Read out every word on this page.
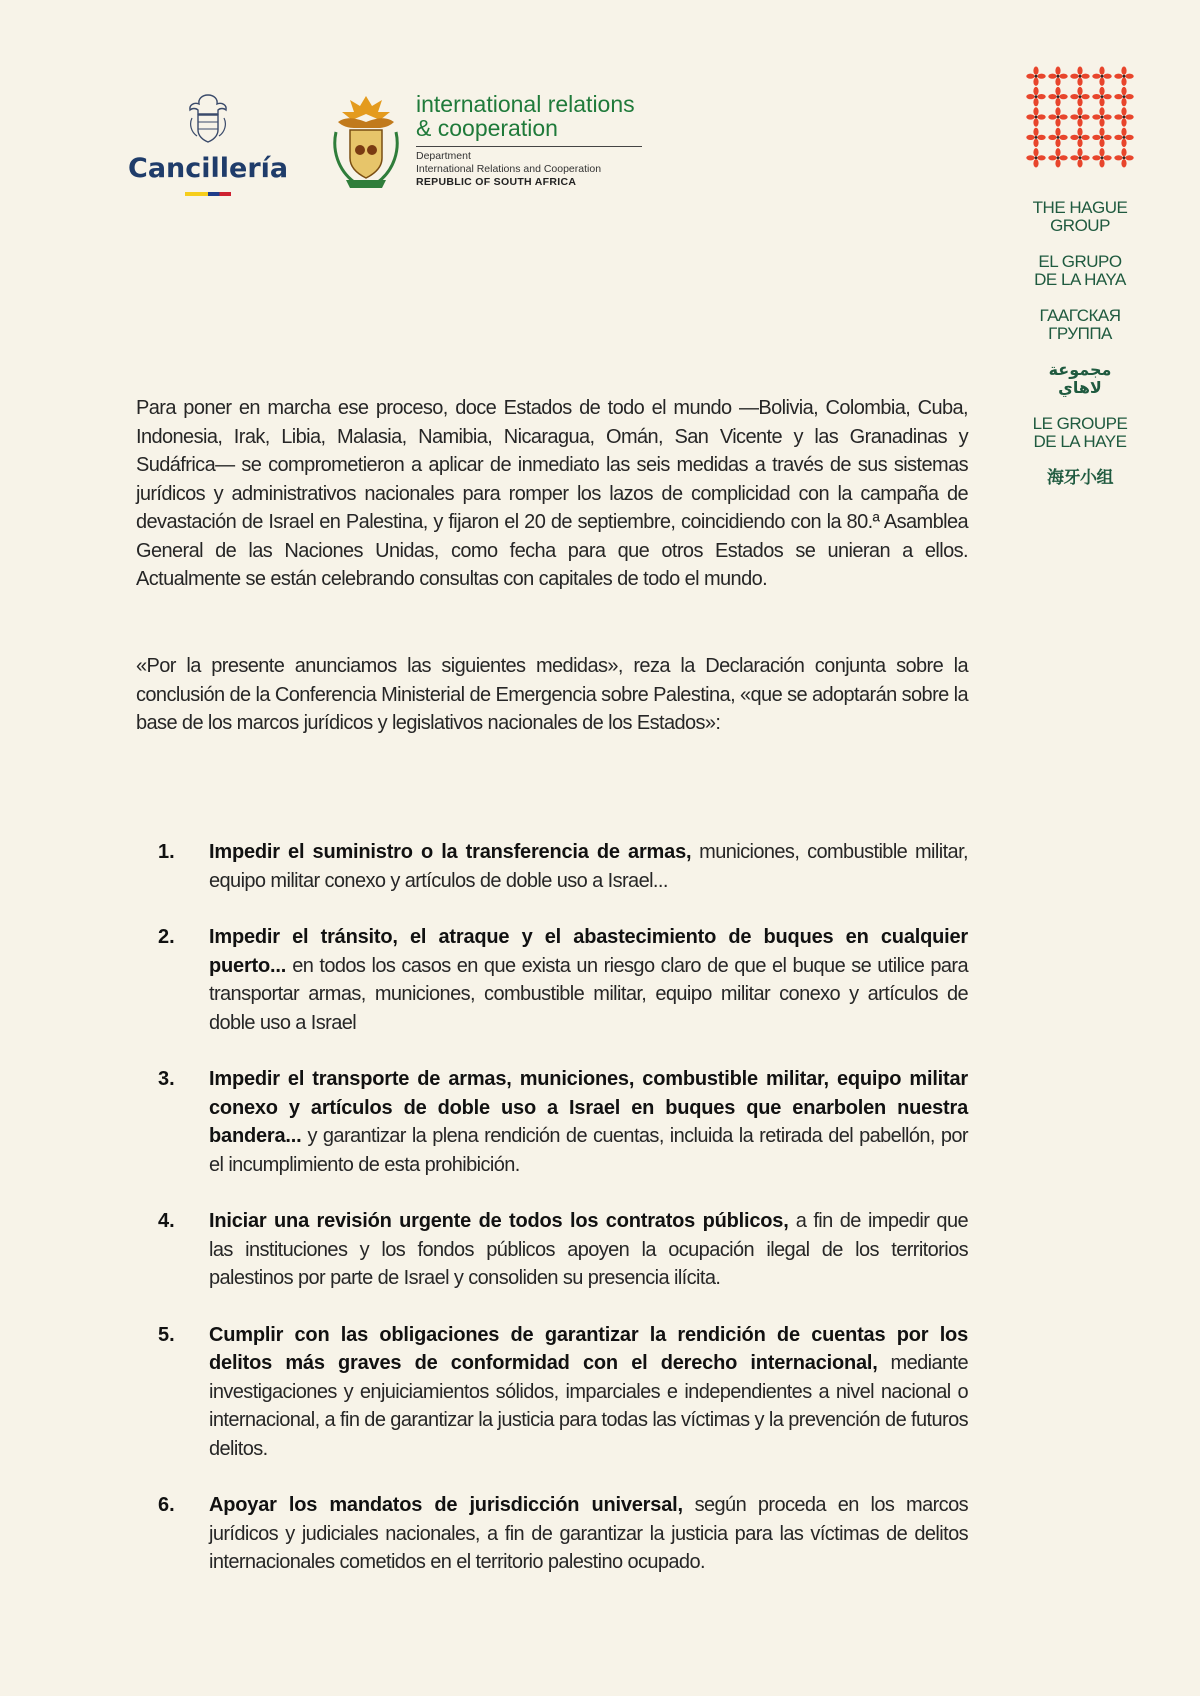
Cancillería
international relations & cooperation
Department
International Relations and Cooperation
REPUBLIC OF SOUTH AFRICA
THE HAGUE
GROUP
EL GRUPO
DE LA HAYA
ГААГСКАЯ
ГРУППА
مجموعة
لاهاي
LE GROUPE
DE LA HAYE
海牙小组

Para poner en marcha ese proceso, doce Estados de todo el mundo —Bolivia, Colombia, Cuba, Indonesia, Irak, Libia, Malasia, Namibia, Nicaragua, Omán, San Vicente y las Granadinas y Sudáfrica— se comprometieron a aplicar de inmediato las seis medidas a través de sus sistemas jurídicos y administrativos nacionales para romper los lazos de complicidad con la campaña de devastación de Israel en Palestina, y fijaron el 20 de septiembre, coincidiendo con la 80.ª Asamblea General de las Naciones Unidas, como fecha para que otros Estados se unieran a ellos. Actualmente se están celebrando consultas con capitales de todo el mundo.

«Por la presente anunciamos las siguientes medidas», reza la Declaración conjunta sobre la conclusión de la Conferencia Ministerial de Emergencia sobre Palestina, «que se adoptarán sobre la base de los marcos jurídicos y legislativos nacionales de los Estados»:

1. Impedir el suministro o la transferencia de armas, municiones, combustible militar, equipo militar conexo y artículos de doble uso a Israel...
2. Impedir el tránsito, el atraque y el abastecimiento de buques en cualquier puerto... en todos los casos en que exista un riesgo claro de que el buque se utilice para transportar armas, municiones, combustible militar, equipo militar conexo y artículos de doble uso a Israel
3. Impedir el transporte de armas, municiones, combustible militar, equipo militar conexo y artículos de doble uso a Israel en buques que enarbolen nuestra bandera... y garantizar la plena rendición de cuentas, incluida la retirada del pabellón, por el incumplimiento de esta prohibición.
4. Iniciar una revisión urgente de todos los contratos públicos, a fin de impedir que las instituciones y los fondos públicos apoyen la ocupación ilegal de los territorios palestinos por parte de Israel y consoliden su presencia ilícita.
5. Cumplir con las obligaciones de garantizar la rendición de cuentas por los delitos más graves de conformidad con el derecho internacional, mediante investigaciones y enjuiciamientos sólidos, imparciales e independientes a nivel nacional o internacional, a fin de garantizar la justicia para todas las víctimas y la prevención de futuros delitos.
6. Apoyar los mandatos de jurisdicción universal, según proceda en los marcos jurídicos y judiciales nacionales, a fin de garantizar la justicia para las víctimas de delitos internacionales cometidos en el territorio palestino ocupado.
